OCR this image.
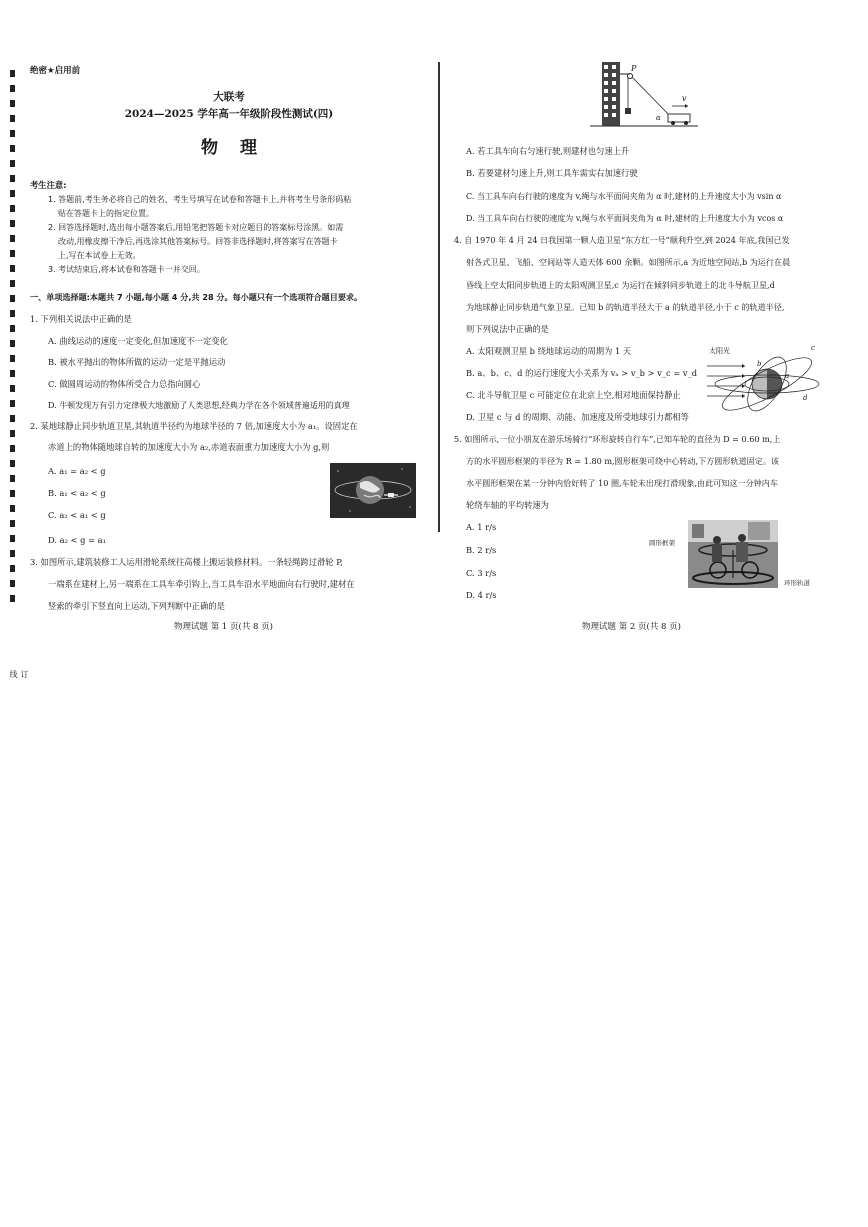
订线
绝密★启用前
大联考
2024—2025 学年高一年级阶段性测试(四)
物理
考生注意:
1. 答题前,考生务必将自己的姓名、考生号填写在试卷和答题卡上,并将考生号条形码粘
贴在答题卡上的指定位置。
2. 回答选择题时,选出每小题答案后,用铅笔把答题卡对应题目的答案标号涂黑。如需
改动,用橡皮擦干净后,再选涂其他答案标号。回答非选择题时,将答案写在答题卡
上,写在本试卷上无效。
3. 考试结束后,将本试卷和答题卡一并交回。
一、单项选择题:本题共 7 小题,每小题 4 分,共 28 分。每小题只有一个选项符合题目要求。
1. 下列相关说法中正确的是
A. 曲线运动的速度一定变化,但加速度不一定变化
B. 被水平抛出的物体所做的运动一定是平抛运动
C. 做圆周运动的物体所受合力总指向圆心
D. 牛顿发现万有引力定律极大地激励了人类思想,经典力学在各个领域普遍适用的真理
2. 某地球静止同步轨道卫星,其轨道半径约为地球半径的 7 倍,加速度大小为 a₁。设固定在
赤道上的物体随地球自转的加速度大小为 a₂,赤道表面重力加速度大小为 g,则
A. a₁ = a₂ < g
B. a₁ < a₂ < g
C. a₂ < a₁ < g
D. a₂ < g = a₁
3. 如图所示,建筑装修工人运用滑轮系统往高楼上搬运装修材料。一条轻绳跨过滑轮 P,
一端系在建材上,另一端系在工具车牵引钩上,当工具车沿水平地面向右行驶时,建材在
竖索的牵引下竖直向上运动,下列判断中正确的是
物理试题 第 1 页(共 8 页)
P
v
α
A. 若工具车向右匀速行驶,则建材也匀速上升
B. 若要建材匀速上升,则工具车需实右加速行驶
C. 当工具车向右行驶的速度为 v,绳与水平面间夹角为 α 时,建材的上升速度大小为 vsin α
D. 当工具车向右行驶的速度为 v,绳与水平面间夹角为 α 时,建材的上升速度大小为 vcos α
4. 自 1970 年 4 月 24 日我国第一颗人造卫星“东方红一号”顺利升空,到 2024 年底,我国已发
射各式卫星、飞船、空间站等人造天体 600 余颗。如图所示,a 为近地空间站,b 为运行在晨
昏线上空太阳同步轨道上的太阳观测卫星,c 为运行在倾斜同步轨道上的北斗导航卫星,d
为地球静止同步轨道气象卫星。已知 b 的轨道半径大于 a 的轨道半径,小于 c 的轨道半径,
则下列说法中正确的是
A. 太阳观测卫星 b 绕地球运动的周期为 1 天
B. a、b、c、d 的运行速度大小关系为 vₐ > v_b > v_c = v_d
C. 北斗导航卫星 c 可能定位在北京上空,相对地面保持静止
D. 卫星 c 与 d 的周期、动能、加速度及所受地球引力都相等
太阳光
a
b
c
d
5. 如图所示,一位小朋友在游乐场骑行“环形旋转自行车”,已知车轮的直径为 D = 0.60 m,上
方的水平圆形框架的半径为 R = 1.80 m,圆形框架可绕中心转动,下方圆形轨道固定。该
水平圆形框架在某一分钟内恰好转了 10 圈,车轮未出现打滑现象,由此可知这一分钟内车
轮绕车轴的平均转速为
A. 1 r/s
B. 2 r/s
C. 3 r/s
D. 4 r/s
圆形框架
环形轨道
物理试题 第 2 页(共 8 页)
